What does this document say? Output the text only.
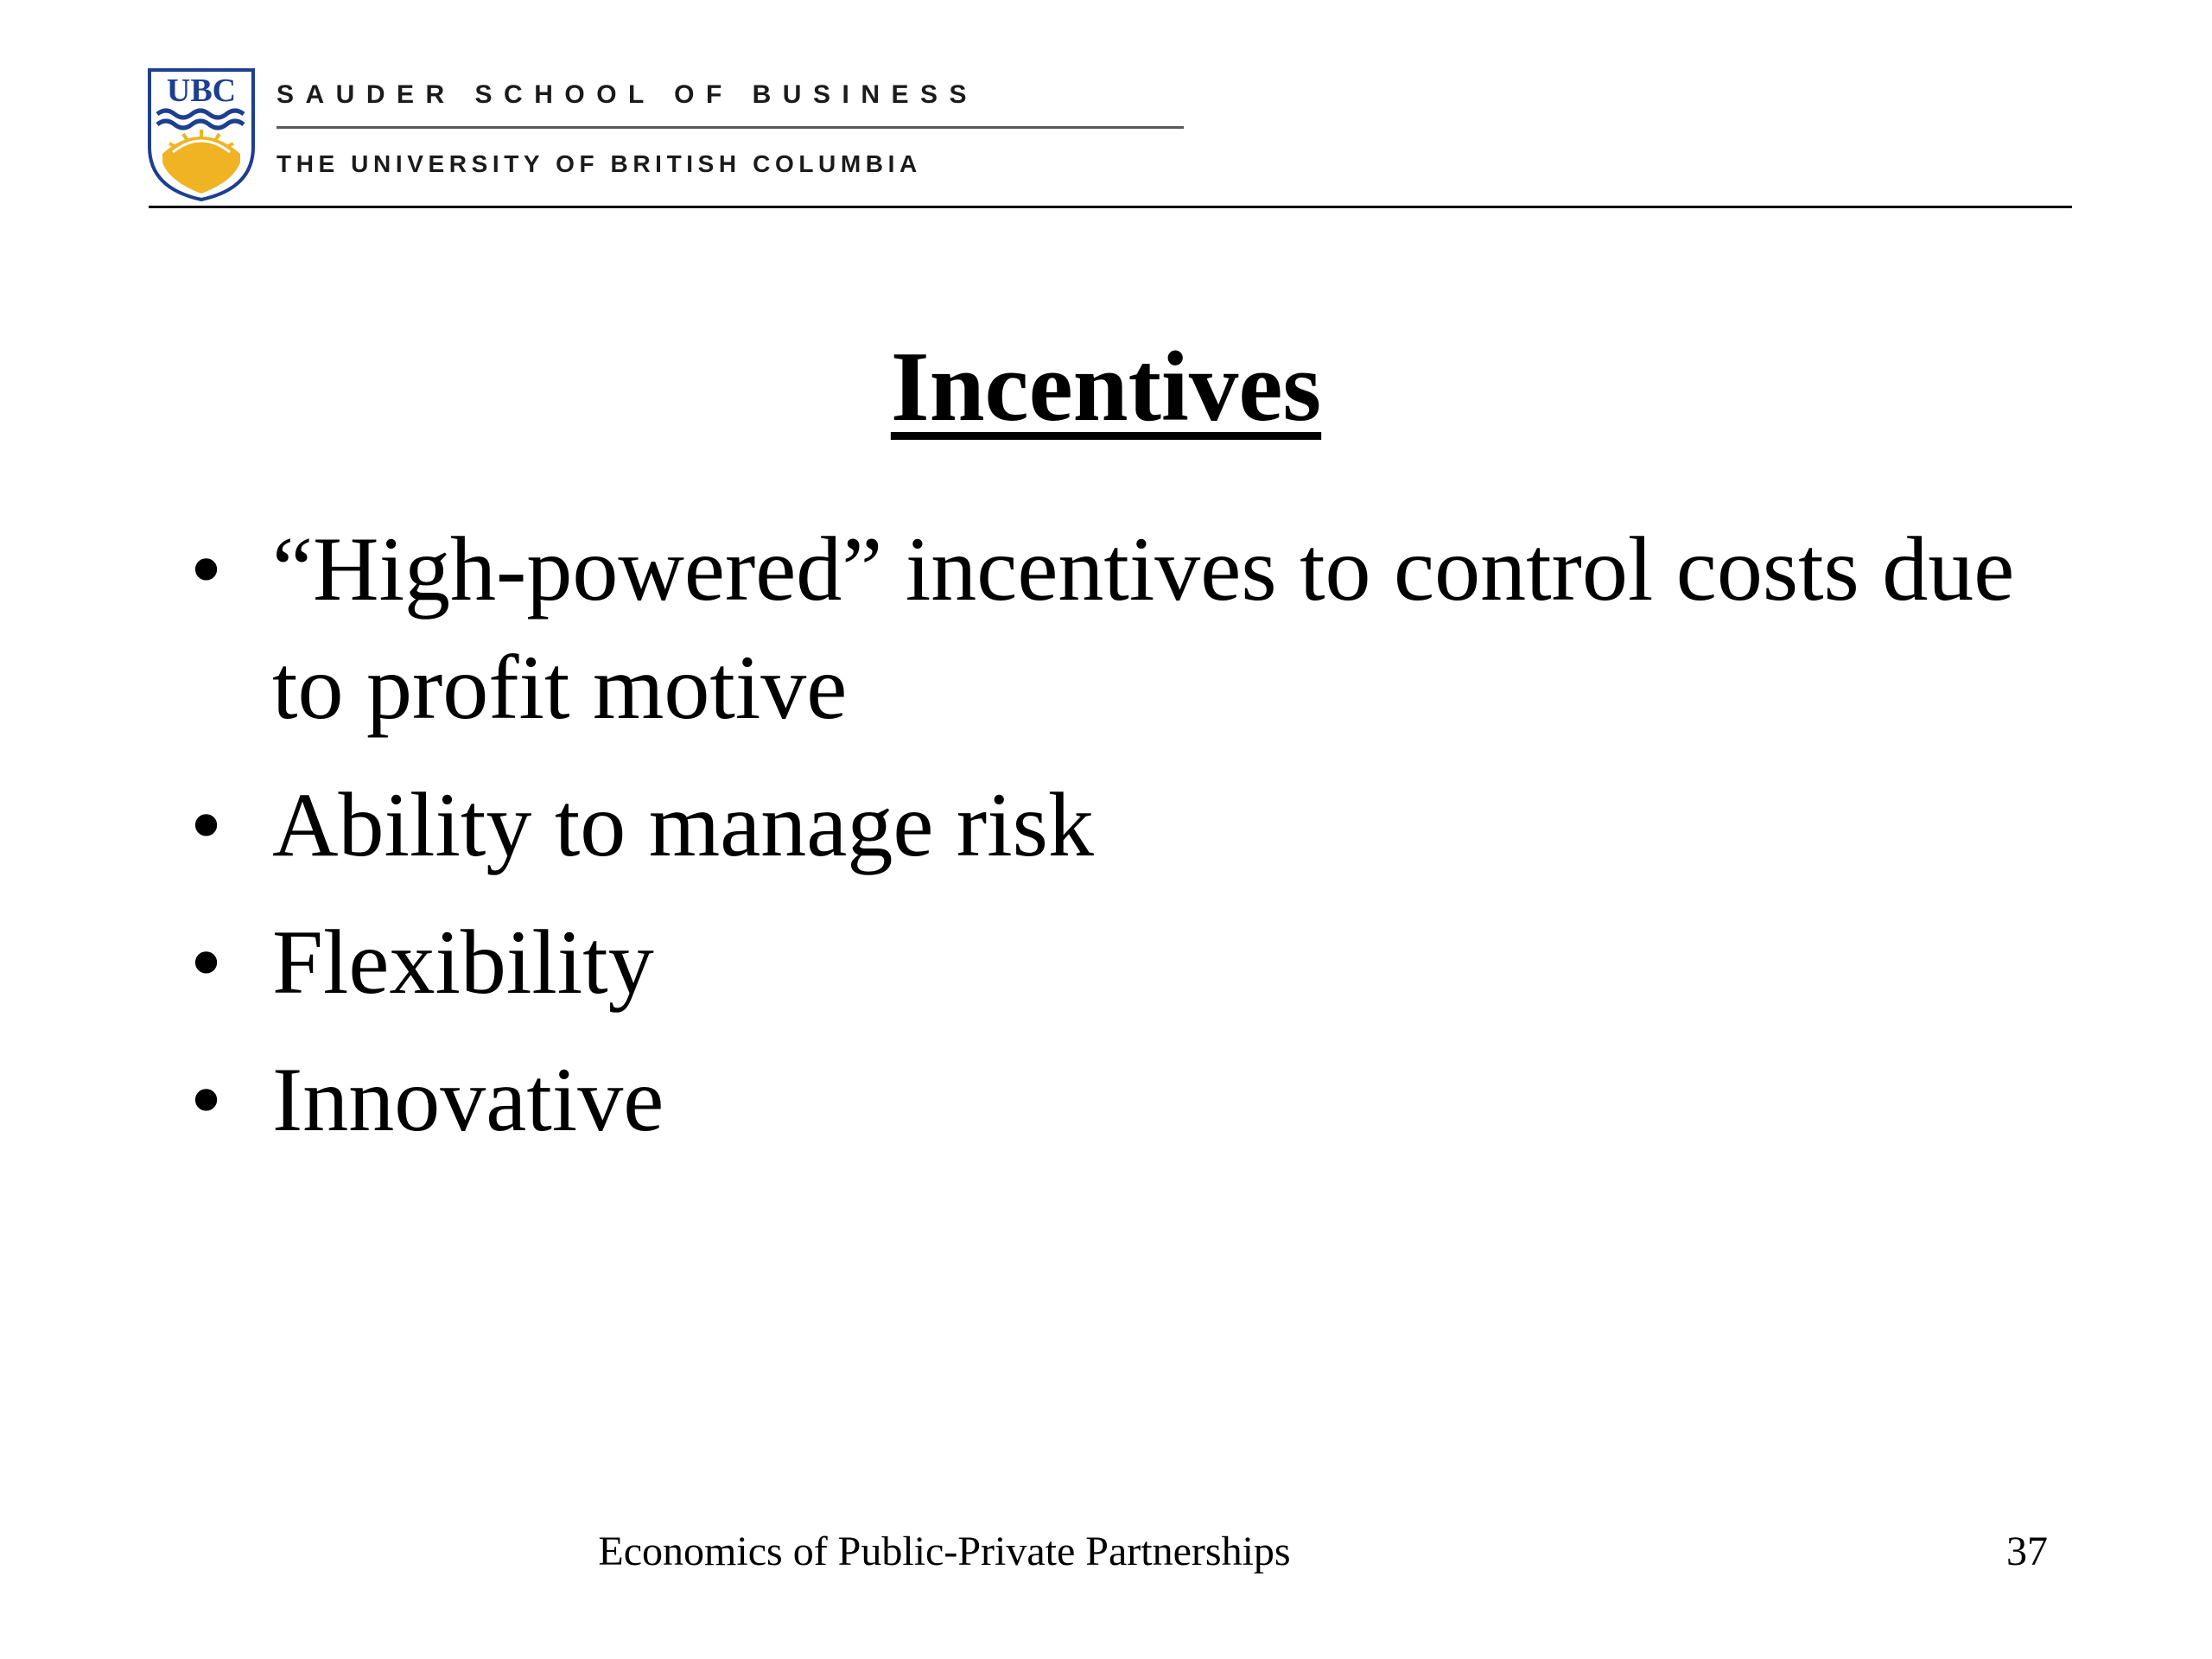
UBC SAUDER SCHOOL OF BUSINESS
THE UNIVERSITY OF BRITISH COLUMBIA
Incentives
• “High-powered” incentives to control costs due to profit motive
• Ability to manage risk
• Flexibility
• Innovative
Economics of Public-Private Partnerships	37
